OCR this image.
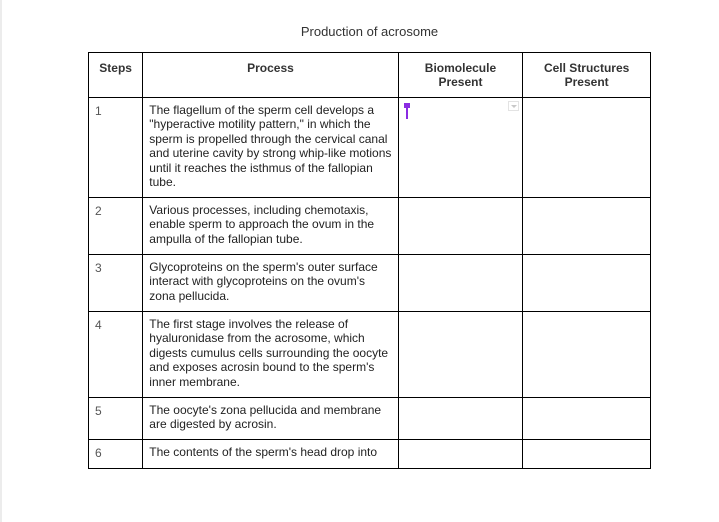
Production of acrosome
Steps	Process	Biomolecule Present	Cell Structures Present
1	The flagellum of the sperm cell develops a "hyperactive motility pattern," in which the sperm is propelled through the cervical canal and uterine cavity by strong whip-like motions until it reaches the isthmus of the fallopian tube.	

2	Various processes, including chemotaxis, enable sperm to approach the ovum in the ampulla of the fallopian tube.		
3	Glycoproteins on the sperm's outer surface interact with glycoproteins on the ovum's zona pellucida.		
4	The first stage involves the release of hyaluronidase from the acrosome, which digests cumulus cells surrounding the oocyte and exposes acrosin bound to the sperm's inner membrane.		
5	The oocyte's zona pellucida and membrane are digested by acrosin.		
6	The contents of the sperm's head drop into		
